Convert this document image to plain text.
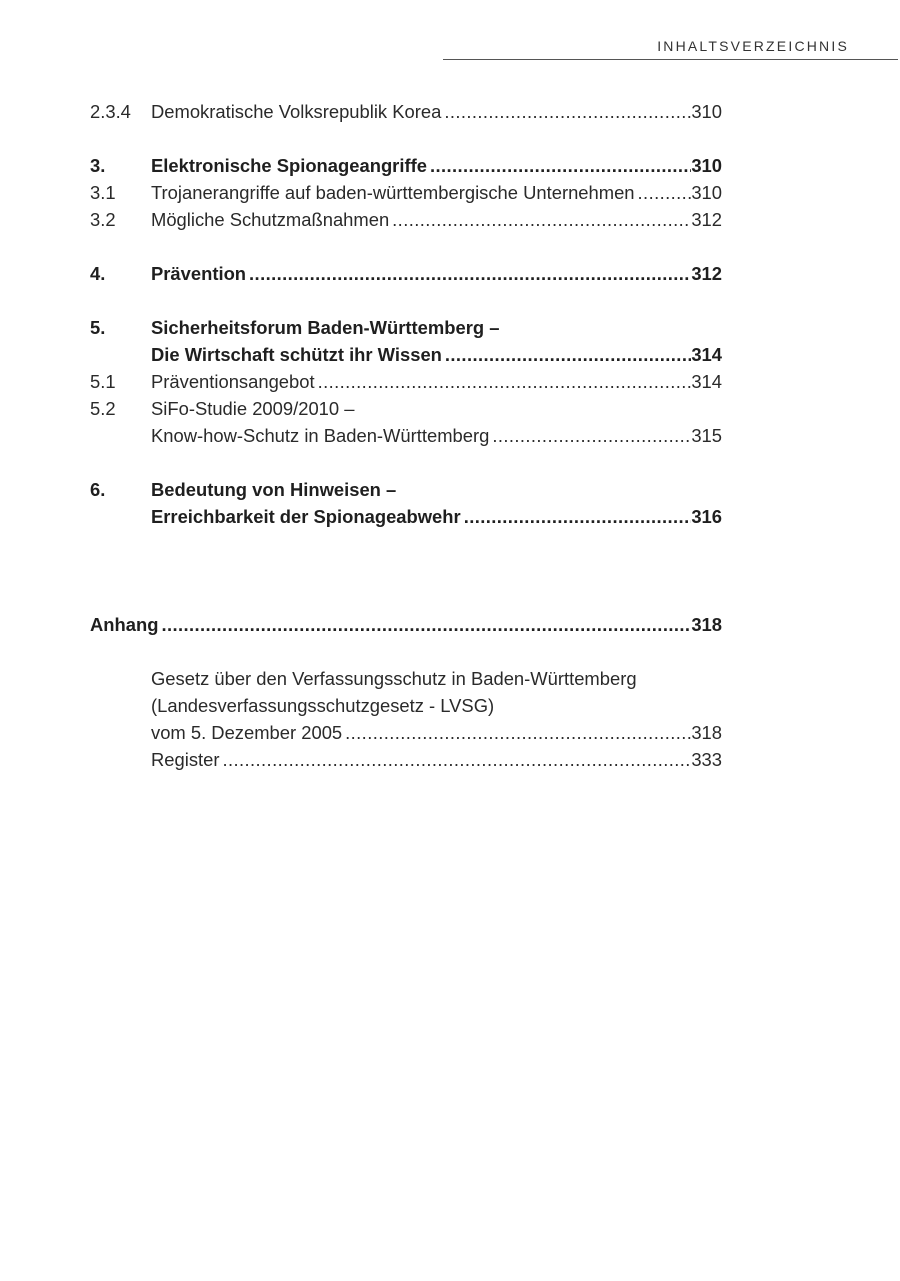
INHALTSVERZEICHNIS
2.3.4 Demokratische Volksrepublik Korea .....	310
3. Elektronische Spionageangriffe .....	310
3.1 Trojanerangriffe auf baden-württembergische Unternehmen .....	310
3.2 Mögliche Schutzmaßnahmen .....	312
4. Prävention .....	312
5. Sicherheitsforum Baden-Württemberg –
Die Wirtschaft schützt ihr Wissen .....	314
5.1 Präventionsangebot .....	314
5.2 SiFo-Studie 2009/2010 –
Know-how-Schutz in Baden-Württemberg .....	315
6. Bedeutung von Hinweisen –
Erreichbarkeit der Spionageabwehr .....	316
Anhang .....	318
Gesetz über den Verfassungsschutz in Baden-Württemberg
(Landesverfassungsschutzgesetz - LVSG)
vom 5. Dezember 2005 .....	318
Register .....	333
